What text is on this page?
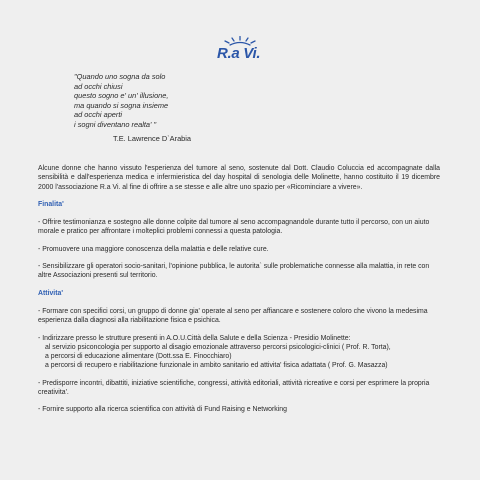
R.a Vi.
"Quando uno sogna da solo
ad occhi chiusi
questo sogno e' un' illusione,
ma quando si sogna insieme
ad occhi aperti
i sogni diventano realta' "
T.E. Lawrence D`Arabia

Alcune donne che hanno vissuto l'esperienza del tumore al seno, sostenute dal Dott. Claudio Coluccia ed accompagnate dalla sensibilità e dall'esperienza medica e infermieristica del day hospital di senologia delle Molinette, hanno costituito il 19 dicembre 2000 l'associazione R.a Vi. al fine di offrire a se stesse e alle altre uno spazio per «Ricominciare a vivere».

Finalita'

- Offrire testimonianza e sostegno alle donne colpite dal tumore al seno accompagnandole durante tutto il percorso, con un aiuto morale e pratico per affrontare i molteplici problemi connessi a questa patologia.

- Promuovere una maggiore conoscenza della malattia e delle relative cure.

- Sensibilizzare gli operatori socio-sanitari, l'opinione pubblica, le autorita` sulle problematiche connesse alla malattia, in rete con altre Associazioni presenti sul territorio.

Attivita'

- Formare con specifici corsi, un gruppo di donne gia' operate al seno per affiancare e sostenere coloro che vivono la medesima esperienza dalla diagnosi alla riabilitazione fisica e psichica.

- Indirizzare presso le strutture presenti in A.O.U.Città della Salute e della Scienza - Presidio Molinette:
al servizio psiconcologia per supporto al disagio emozionale attraverso percorsi psicologici-clinici ( Prof. R. Torta),
a percorsi di educazione alimentare (Dott.ssa E. Finocchiaro)
a percorsi di recupero e riabilitazione funzionale in ambito sanitario ed attivita' fisica adattata ( Prof. G. Masazza)

- Predisporre incontri, dibattiti, iniziative scientifiche, congressi, attività editoriali, attività ricreative e corsi per esprimere la propria creativita'.

- Fornire supporto alla ricerca scientifica con attività di Fund Raising e Networking
